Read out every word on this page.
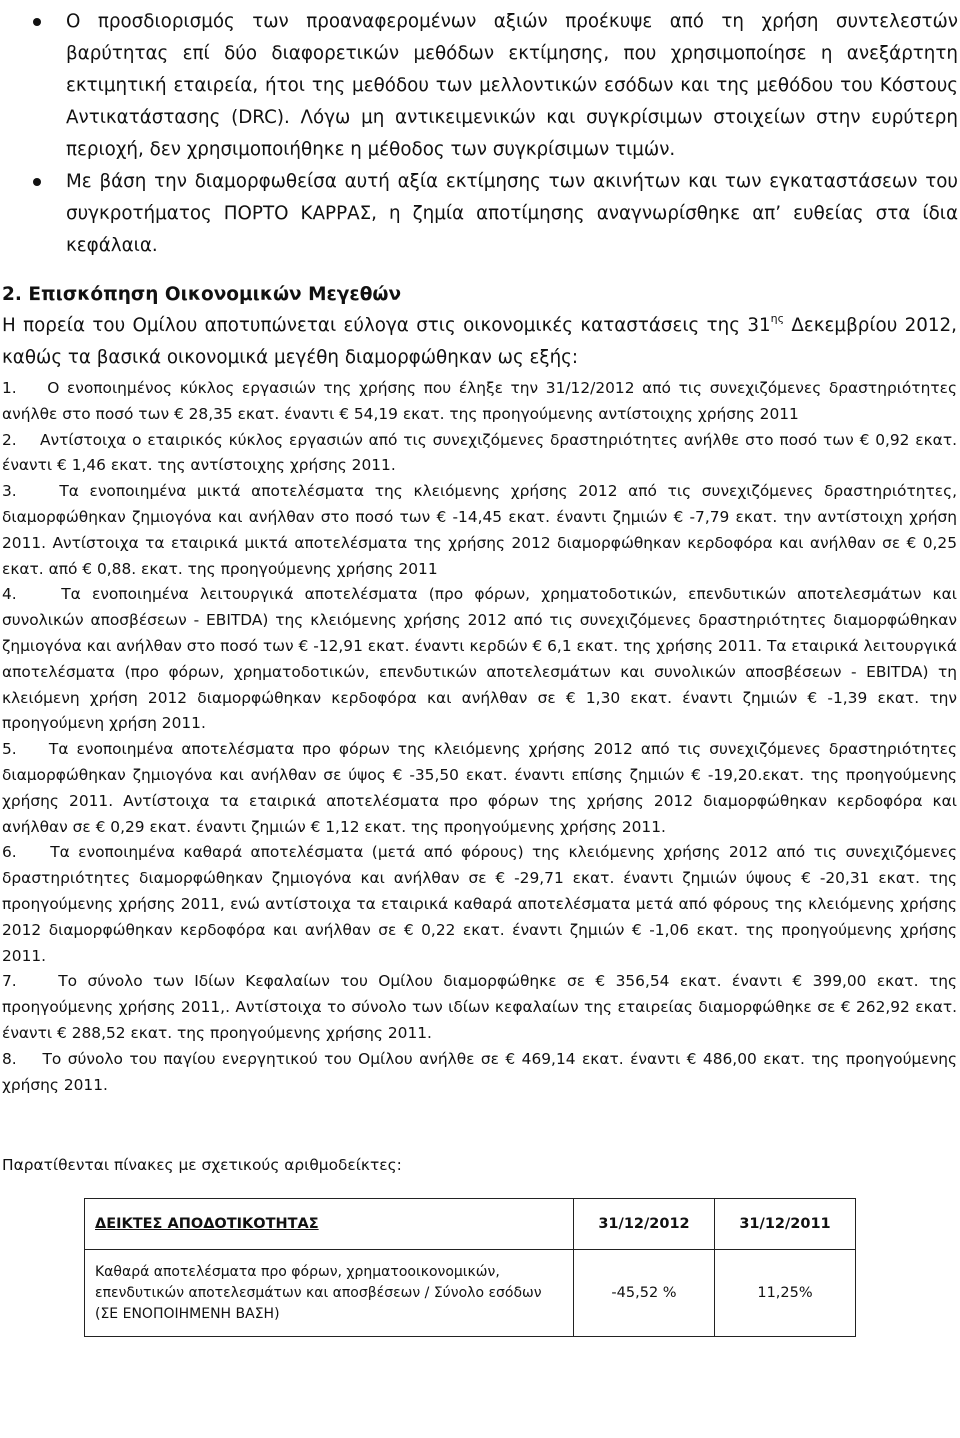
Ο προσδιορισμός των προαναφερομένων αξιών προέκυψε από τη χρήση συντελεστών βαρύτητας επί δύο διαφορετικών μεθόδων εκτίμησης, που χρησιμοποίησε η ανεξάρτητη εκτιμητική εταιρεία, ήτοι της μεθόδου των μελλοντικών εσόδων και της μεθόδου του Κόστους Αντικατάστασης (DRC). Λόγω μη αντικειμενικών και συγκρίσιμων στοιχείων στην ευρύτερη περιοχή, δεν χρησιμοποιήθηκε η μέθοδος των συγκρίσιμων τιμών.
Με βάση την διαμορφωθείσα αυτή αξία εκτίμησης των ακινήτων και των εγκαταστάσεων του συγκροτήματος ΠΟΡΤΟ ΚΑΡΡΑΣ, η ζημία αποτίμησης αναγνωρίσθηκε απ’ ευθείας στα ίδια κεφάλαια.
2. Επισκόπηση Οικονομικών Μεγεθών

Η πορεία του Ομίλου αποτυπώνεται εύλογα στις οικονομικές καταστάσεις της $31^{\eta\varsigma}$ Δεκεμβρίου 2012, καθώς τα βασικά οικονομικά μεγέθη διαμορφώθηκαν ως εξής:

1. Ο ενοποιημένος κύκλος εργασιών της χρήσης που έληξε την 31/12/2012 από τις συνεχιζόμενες δραστηριότητες ανήλθε στο ποσό των € 28,35 εκατ. έναντι € 54,19 εκατ. της προηγούμενης αντίστοιχης χρήσης 2011

2. Αντίστοιχα ο εταιρικός κύκλος εργασιών από τις συνεχιζόμενες δραστηριότητες ανήλθε στο ποσό των € 0,92 εκατ. έναντι € 1,46 εκατ. της αντίστοιχης χρήσης 2011.

3.	Τα ενοποιημένα μικτά αποτελέσματα της κλειόμενης χρήσης 2012 από τις συνεχιζόμενες δραστηριότητες, διαμορφώθηκαν ζημιογόνα και ανήλθαν στο ποσό των € -14,45 εκατ. έναντι ζημιών € -7,79 εκατ. την αντίστοιχη χρήση 2011. Αντίστοιχα τα εταιρικά μικτά αποτελέσματα της χρήσης 2012 διαμορφώθηκαν κερδοφόρα και ανήλθαν σε € 0,25 εκατ. από € 0,88. εκατ. της προηγούμενης χρήσης 2011

4.	Τα ενοποιημένα λειτουργικά αποτελέσματα (προ φόρων, χρηματοδοτικών, επενδυτικών αποτελεσμάτων και συνολικών αποσβέσεων - EBITDA) της κλειόμενης χρήσης 2012 από τις συνεχιζόμενες δραστηριότητες διαμορφώθηκαν ζημιογόνα και ανήλθαν στο ποσό των € -12,91 εκατ. έναντι κερδών € 6,1 εκατ. της χρήσης 2011. Τα εταιρικά λειτουργικά αποτελέσματα (προ φόρων, χρηματοδοτικών, επενδυτικών αποτελεσμάτων και συνολικών αποσβέσεων - EBITDA) τη κλειόμενη χρήση 2012 διαμορφώθηκαν κερδοφόρα και ανήλθαν σε € 1,30 εκατ. έναντι ζημιών € -1,39 εκατ. την προηγούμενη χρήση 2011.

5. Τα ενοποιημένα αποτελέσματα προ φόρων της κλειόμενης χρήσης 2012 από τις συνεχιζόμενες δραστηριότητες διαμορφώθηκαν ζημιογόνα και ανήλθαν σε ύψος € -35,50 εκατ. έναντι επίσης ζημιών € -19,20.εκατ. της προηγούμενης χρήσης 2011. Αντίστοιχα τα εταιρικά αποτελέσματα προ φόρων της χρήσης 2012 διαμορφώθηκαν κερδοφόρα και ανήλθαν σε € 0,29 εκατ. έναντι ζημιών € 1,12 εκατ. της προηγούμενης χρήσης 2011.

6. Τα ενοποιημένα καθαρά αποτελέσματα (μετά από φόρους) της κλειόμενης χρήσης 2012 από τις συνεχιζόμενες δραστηριότητες διαμορφώθηκαν ζημιογόνα και ανήλθαν σε € -29,71 εκατ. έναντι ζημιών ύψους € -20,31 εκατ. της προηγούμενης χρήσης 2011, ενώ αντίστοιχα τα εταιρικά καθαρά αποτελέσματα μετά από φόρους της κλειόμενης χρήσης 2012 διαμορφώθηκαν κερδοφόρα και ανήλθαν σε € 0,22 εκατ. έναντι ζημιών € -1,06 εκατ. της προηγούμενης χρήσης 2011.

7.	Το σύνολο των Ιδίων Κεφαλαίων του Ομίλου διαμορφώθηκε σε € 356,54 εκατ. έναντι € 399,00 εκατ. της προηγούμενης χρήσης 2011,. Αντίστοιχα το σύνολο των ιδίων κεφαλαίων της εταιρείας διαμορφώθηκε σε € 262,92 εκατ. έναντι € 288,52 εκατ. της προηγούμενης χρήσης 2011.

8. Το σύνολο του παγίου ενεργητικού του Ομίλου ανήλθε σε € 469,14 εκατ. έναντι € 486,00 εκατ. της προηγούμενης χρήσης 2011.

Παρατίθενται πίνακες με σχετικούς αριθμοδείκτες:

ΔΕΙΚΤΕΣ ΑΠΟΔΟΤΙΚΟΤΗΤΑΣ	31/12/2012	31/12/2011
Καθαρά αποτελέσματα προ φόρων, χρηματοοικονομικών, επενδυτικών αποτελεσμάτων και αποσβέσεων / Σύνολο εσόδων (ΣΕ ΕΝΟΠΟΙΗΜΕΝΗ ΒΑΣΗ)	-45,52 %	11,25%
